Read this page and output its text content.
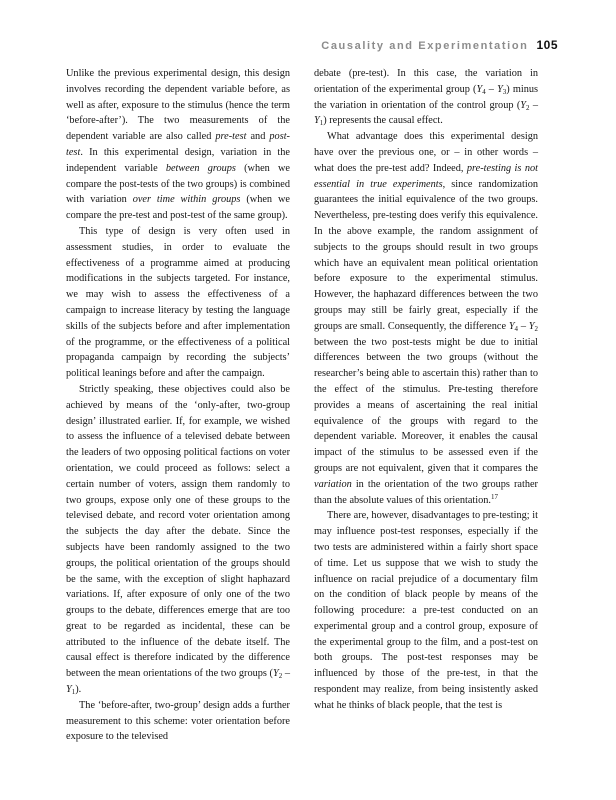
Causality and Experimentation 105

Unlike the previous experimental design, this design involves recording the dependent variable before, as well as after, exposure to the stimulus (hence the term ‘before-after’). The two measurements of the dependent variable are also called pre-test and post-test. In this experimental design, variation in the independent variable between groups (when we compare the post-tests of the two groups) is combined with variation over time within groups (when we compare the pre-test and post-test of the same group).

This type of design is very often used in assessment studies, in order to evaluate the effectiveness of a programme aimed at producing modifications in the subjects targeted. For instance, we may wish to assess the effectiveness of a campaign to increase literacy by testing the language skills of the subjects before and after implementation of the programme, or the effectiveness of a political propaganda campaign by recording the subjects’ political leanings before and after the campaign.

Strictly speaking, these objectives could also be achieved by means of the ‘only-after, two-group design’ illustrated earlier. If, for example, we wished to assess the influence of a televised debate between the leaders of two opposing political factions on voter orientation, we could proceed as follows: select a certain number of voters, assign them randomly to two groups, expose only one of these groups to the televised debate, and record voter orientation among the subjects the day after the debate. Since the subjects have been randomly assigned to the two groups, the political orientation of the groups should be the same, with the exception of slight haphazard variations. If, after exposure of only one of the two groups to the debate, differences emerge that are too great to be regarded as incidental, these can be attributed to the influence of the debate itself. The causal effect is therefore indicated by the difference between the mean orientations of the two groups $(Y_2 - Y_1)$.

The ‘before-after, two-group’ design adds a further measurement to this scheme: voter orientation before exposure to the televised

debate (pre-test). In this case, the variation in orientation of the experimental group $(Y_4 - Y_3)$ minus the variation in orientation of the control group $(Y_2 - Y_1)$ represents the causal effect.

What advantage does this experimental design have over the previous one, or – in other words – what does the pre-test add? Indeed, pre-testing is not essential in true experiments, since randomization guarantees the initial equivalence of the two groups. Nevertheless, pre-testing does verify this equivalence. In the above example, the random assignment of subjects to the groups should result in two groups which have an equivalent mean political orientation before exposure to the experimental stimulus. However, the haphazard differences between the two groups may still be fairly great, especially if the groups are small. Consequently, the difference $Y_4 - Y_2$ between the two post-tests might be due to initial differences between the two groups (without the researcher’s being able to ascertain this) rather than to the effect of the stimulus. Pre-testing therefore provides a means of ascertaining the real initial equivalence of the groups with regard to the dependent variable. Moreover, it enables the causal impact of the stimulus to be assessed even if the groups are not equivalent, given that it compares the variation in the orientation of the two groups rather than the absolute values of this orientation.$^{17}$

There are, however, disadvantages to pre-testing; it may influence post-test responses, especially if the two tests are administered within a fairly short space of time. Let us suppose that we wish to study the influence on racial prejudice of a documentary film on the condition of black people by means of the following procedure: a pre-test conducted on an experimental group and a control group, exposure of the experimental group to the film, and a post-test on both groups. The post-test responses may be influenced by those of the pre-test, in that the respondent may realize, from being insistently asked what he thinks of black people, that the test is
